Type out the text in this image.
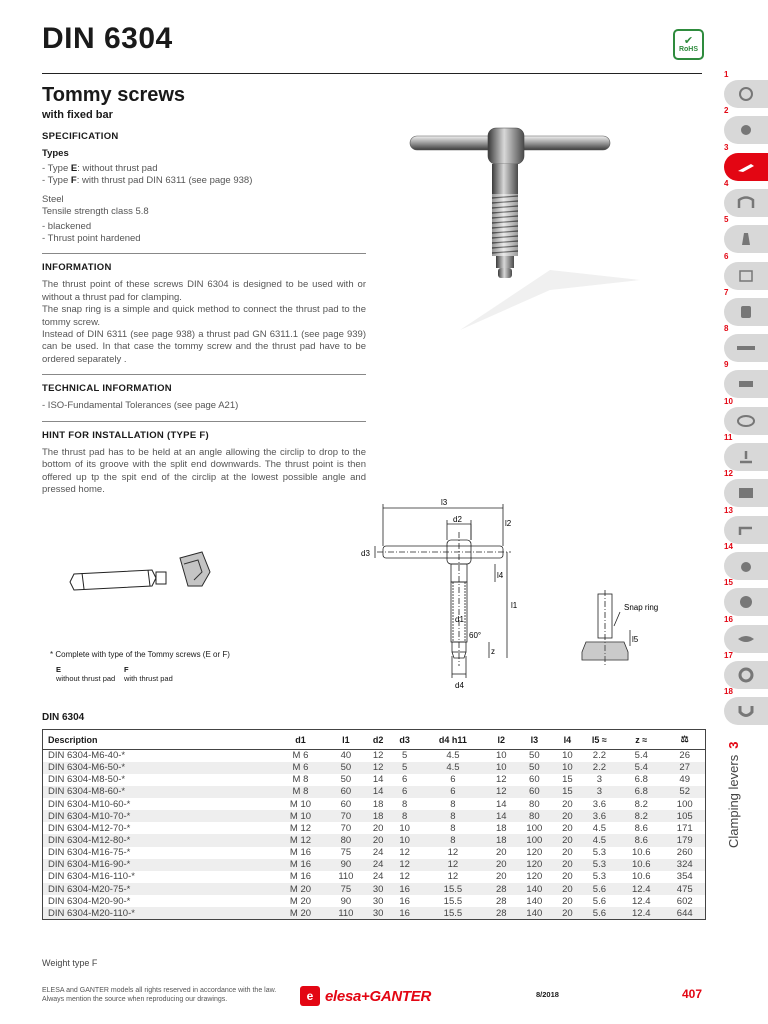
DIN 6304	✔
RoHS
Tommy screws
with fixed bar
SPECIFICATION
Types
- Type E: without thrust pad
- Type F: with thrust pad DIN 6311 (see page 938)
Steel
Tensile strength class 5.8
- blackened
- Thrust point hardened
INFORMATION
The thrust point of these screws DIN 6304 is designed to be used with or without a thrust pad for clamping.
The snap ring is a simple and quick method to connect the thrust pad to the tommy screw.
Instead of DIN 6311 (see page 938) a thrust pad GN 6311.1 (see page 939) can be used. In that case the tommy screw and the thrust pad have to be ordered separately .
TECHNICAL INFORMATION
- ISO-Fundamental Tolerances (see page A21)
HINT FOR INSTALLATION (TYPE F)
The thrust pad has to be held at an angle allowing the circlip to drop to the bottom of its groove with the split end downwards. The thrust point is then offered up tp the spit end of the circlip at the lowest possible angle and pressed home.
* Complete with type of the Tommy screws (E or F)
E
without thrust pad
F
with thrust pad
l3
d2	l2
d3
l4
l1
d1
60°
z
d4
Snap ring
l5
DIN 6304
Description	d1	l1	d2	d3	d4 h11	l2	l3	l4	l5 ≈	z ≈	⚖
DIN 6304-M6-40-*	M 6	40	12	5	4.5	10	50	10	2.2	5.4	26
DIN 6304-M6-50-*	M 6	50	12	5	4.5	10	50	10	2.2	5.4	27
DIN 6304-M8-50-*	M 8	50	14	6	6	12	60	15	3	6.8	49
DIN 6304-M8-60-*	M 8	60	14	6	6	12	60	15	3	6.8	52
DIN 6304-M10-60-*	M 10	60	18	8	8	14	80	20	3.6	8.2	100
DIN 6304-M10-70-*	M 10	70	18	8	8	14	80	20	3.6	8.2	105
DIN 6304-M12-70-*	M 12	70	20	10	8	18	100	20	4.5	8.6	171
DIN 6304-M12-80-*	M 12	80	20	10	8	18	100	20	4.5	8.6	179
DIN 6304-M16-75-*	M 16	75	24	12	12	20	120	20	5.3	10.6	260
DIN 6304-M16-90-*	M 16	90	24	12	12	20	120	20	5.3	10.6	324
DIN 6304-M16-110-*	M 16	110	24	12	12	20	120	20	5.3	10.6	354
DIN 6304-M20-75-*	M 20	75	30	16	15.5	28	140	20	5.6	12.4	475
DIN 6304-M20-90-*	M 20	90	30	16	15.5	28	140	20	5.6	12.4	602
DIN 6304-M20-110-*	M 20	110	30	16	15.5	28	140	20	5.6	12.4	644
Weight type F
ELESA and GANTER models all rights reserved in accordance with the law.
Always mention the source when reproducing our drawings.	e elesa+GANTER	8/2018	407
1
2
3
4
5
6
7
8
9
10
11
12
13
14
15
16
17
18
Clamping levers3
